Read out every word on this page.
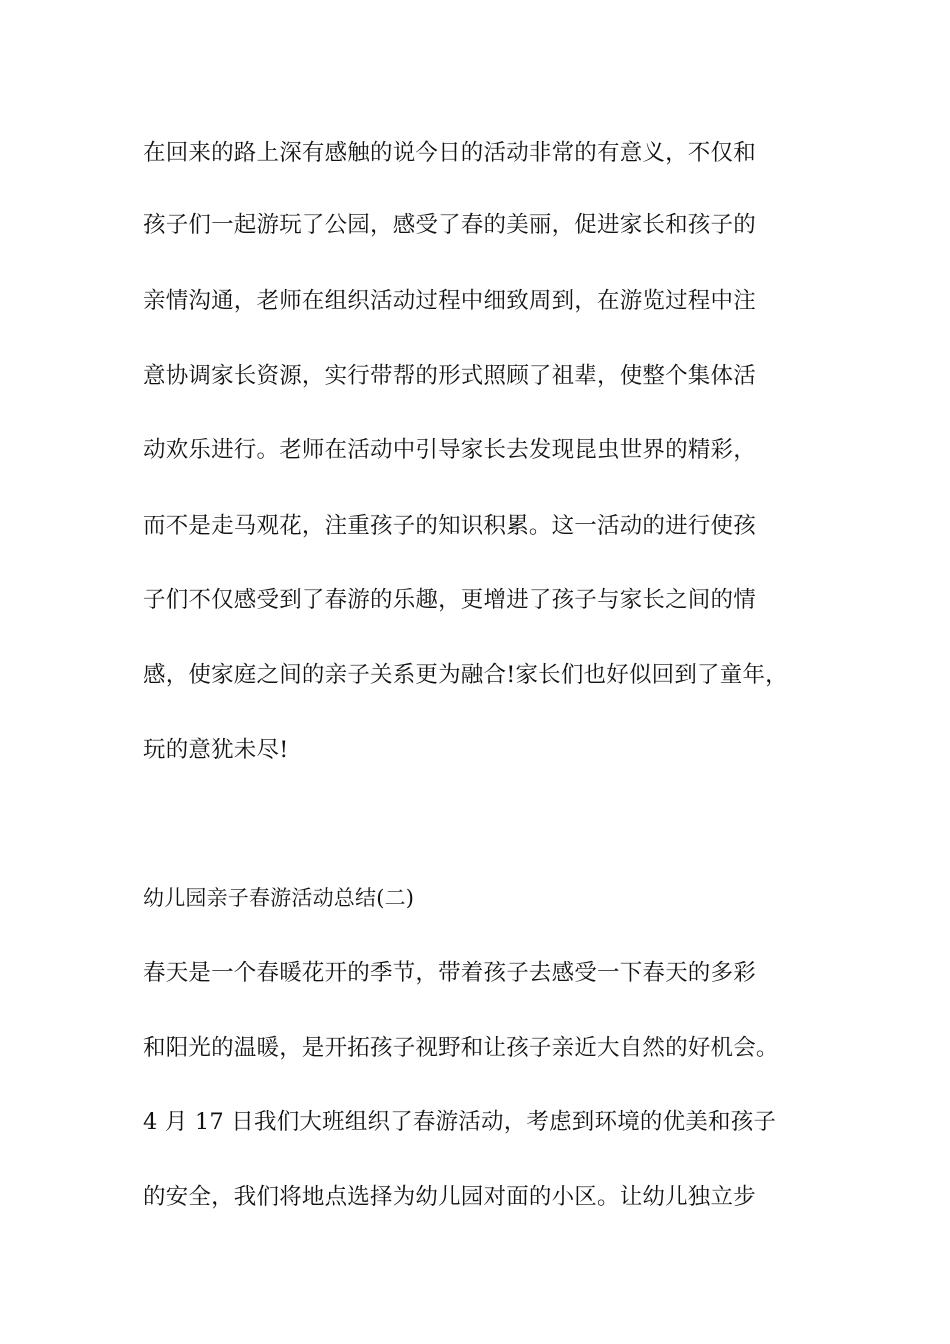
在回来的路上深有感触的说今日的活动非常的有意义，不仅和
孩子们一起游玩了公园，感受了春的美丽，促进家长和孩子的
亲情沟通，老师在组织活动过程中细致周到，在游览过程中注
意协调家长资源，实行带帮的形式照顾了祖辈，使整个集体活
动欢乐进行。老师在活动中引导家长去发现昆虫世界的精彩，
而不是走马观花，注重孩子的知识积累。这一活动的进行使孩
子们不仅感受到了春游的乐趣，更增进了孩子与家长之间的情
感，使家庭之间的亲子关系更为融合!家长们也好似回到了童年，
玩的意犹未尽!
幼儿园亲子春游活动总结(二)
春天是一个春暖花开的季节，带着孩子去感受一下春天的多彩
和阳光的温暖，是开拓孩子视野和让孩子亲近大自然的好机会。
4 月 17 日我们大班组织了春游活动，考虑到环境的优美和孩子
的安全，我们将地点选择为幼儿园对面的小区。让幼儿独立步
